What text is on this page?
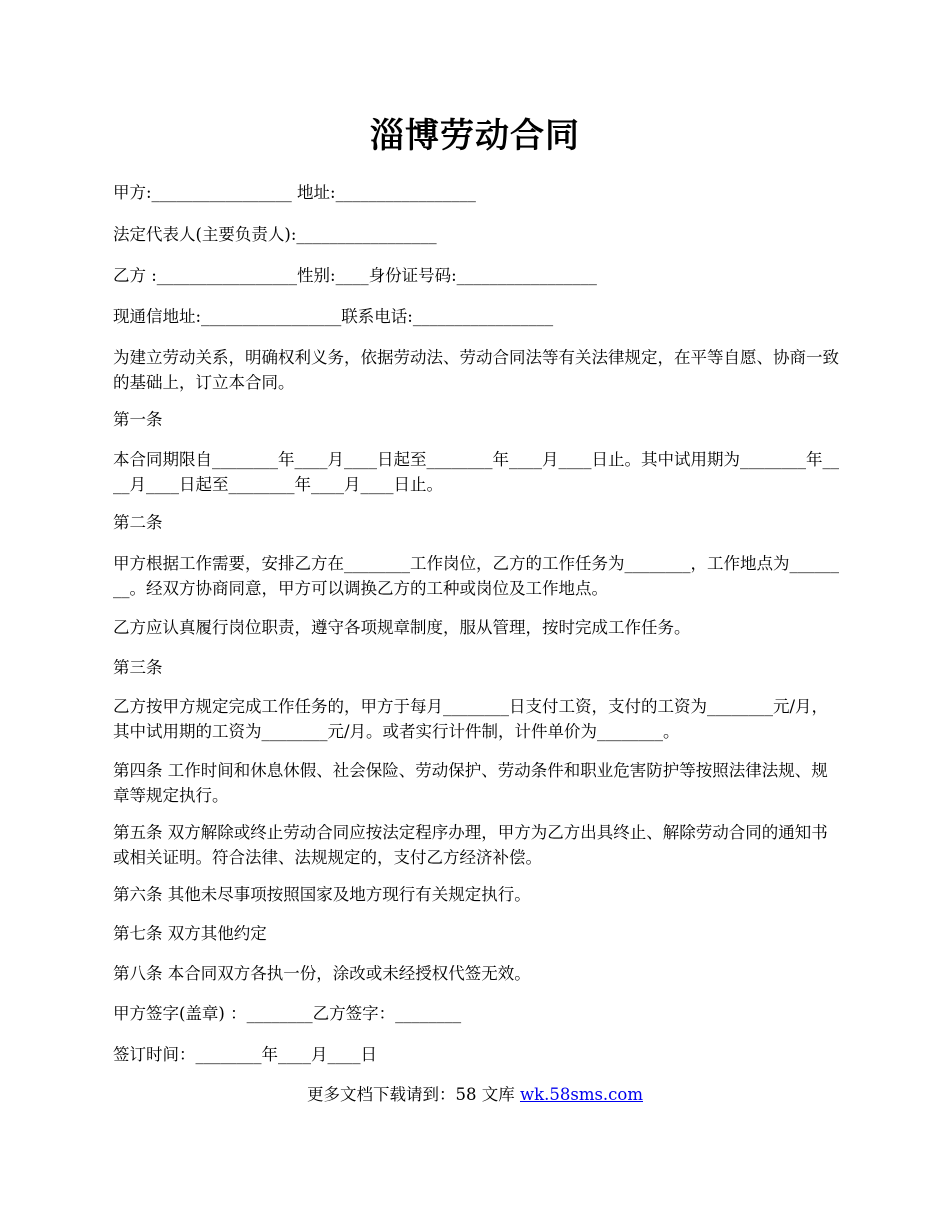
淄博劳动合同
甲方:_________________ 地址:_________________
法定代表人(主要负责人):_________________
乙方 :_________________性别:____身份证号码:_________________
现通信地址:_________________联系电话:_________________
为建立劳动关系，明确权利义务，依据劳动法、劳动合同法等有关法律规定，在平等自愿、协商一致的基础上，订立本合同。
第一条
本合同期限自________年____月____日起至________年____月____日止。其中试用期为________年____月____日起至________年____月____日止。
第二条
甲方根据工作需要，安排乙方在________工作岗位，乙方的工作任务为________，工作地点为________。经双方协商同意，甲方可以调换乙方的工种或岗位及工作地点。
乙方应认真履行岗位职责，遵守各项规章制度，服从管理，按时完成工作任务。
第三条
乙方按甲方规定完成工作任务的，甲方于每月________日支付工资，支付的工资为________元/月，其中试用期的工资为________元/月。或者实行计件制，计件单价为________。
第四条 工作时间和休息休假、社会保险、劳动保护、劳动条件和职业危害防护等按照法律法规、规章等规定执行。
第五条 双方解除或终止劳动合同应按法定程序办理，甲方为乙方出具终止、解除劳动合同的通知书或相关证明。符合法律、法规规定的，支付乙方经济补偿。
第六条 其他未尽事项按照国家及地方现行有关规定执行。
第七条 双方其他约定
第八条 本合同双方各执一份，涂改或未经授权代签无效。
甲方签字(盖章) ：________乙方签字：________
签订时间：________年____月____日
更多文档下载请到：58 文库 wk.58sms.com
